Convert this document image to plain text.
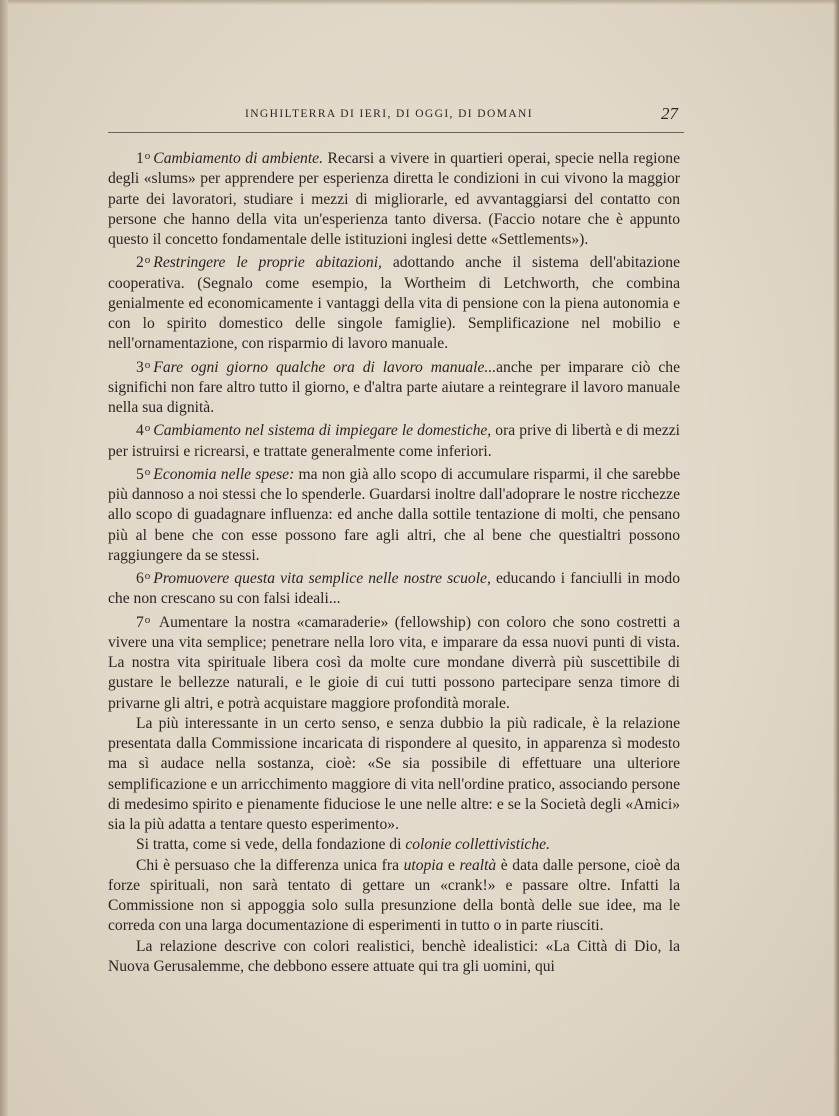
INGHILTERRA DI IERI, DI OGGI, DI DOMANI	27

1$^o$ Cambiamento di ambiente. Recarsi a vivere in quartieri operai, specie nella regione degli «slums» per apprendere per esperienza diretta le condizioni in cui vivono la maggior parte dei lavoratori, studiare i mezzi di migliorarle, ed avvantaggiarsi del contatto con persone che hanno della vita un'esperienza tanto diversa. (Faccio notare che è appunto questo il concetto fondamentale delle istituzioni inglesi dette «Settlements»).

2$^o$ Restringere le proprie abitazioni, adottando anche il sistema dell'abitazione cooperativa. (Segnalo come esempio, la Wortheim di Letchworth, che combina genialmente ed economicamente i vantaggi della vita di pensione con la piena autonomia e con lo spirito domestico delle singole famiglie). Semplificazione nel mobilio e nell'ornamentazione, con risparmio di lavoro manuale.

3$^o$ Fare ogni giorno qualche ora di lavoro manuale...anche per imparare ciò che significhi non fare altro tutto il giorno, e d'altra parte aiutare a reintegrare il lavoro manuale nella sua dignità.

4$^o$ Cambiamento nel sistema di impiegare le domestiche, ora prive di libertà e di mezzi per istruirsi e ricrearsi, e trattate generalmente come inferiori.

5$^o$ Economia nelle spese: ma non già allo scopo di accumulare risparmi, il che sarebbe più dannoso a noi stessi che lo spenderle. Guardarsi inoltre dall'adoprare le nostre ricchezze allo scopo di guadagnare influenza: ed anche dalla sottile tentazione di molti, che pensano più al bene che con esse possono fare agli altri, che al bene che questialtri possono raggiungere da se stessi.

6$^o$ Promuovere questa vita semplice nelle nostre scuole, educando i fanciulli in modo che non crescano su con falsi ideali...

7$^o$ Aumentare la nostra «camaraderie» (fellowship) con coloro che sono costretti a vivere una vita semplice; penetrare nella loro vita, e imparare da essa nuovi punti di vista. La nostra vita spirituale libera così da molte cure mondane diverrà più suscettibile di gustare le bellezze naturali, e le gioie di cui tutti possono partecipare senza timore di privarne gli altri, e potrà acquistare maggiore profondità morale.

La più interessante in un certo senso, e senza dubbio la più radicale, è la relazione presentata dalla Commissione incaricata di rispondere al quesito, in apparenza sì modesto ma sì audace nella sostanza, cioè: «Se sia possibile di effettuare una ulteriore semplificazione e un arricchimento maggiore di vita nell'ordine pratico, associando persone di medesimo spirito e pienamente fiduciose le une nelle altre: e se la Società degli «Amici» sia la più adatta a tentare questo esperimento».

Si tratta, come si vede, della fondazione di colonie collettivistiche.

Chi è persuaso che la differenza unica fra utopia e realtà è data dalle persone, cioè da forze spirituali, non sarà tentato di gettare un «crank!» e passare oltre. Infatti la Commissione non si appoggia solo sulla presunzione della bontà delle sue idee, ma le correda con una larga documentazione di esperimenti in tutto o in parte riusciti.

La relazione descrive con colori realistici, benchè idealistici: «La Città di Dio, la Nuova Gerusalemme, che debbono essere attuate qui tra gli uomini, qui
